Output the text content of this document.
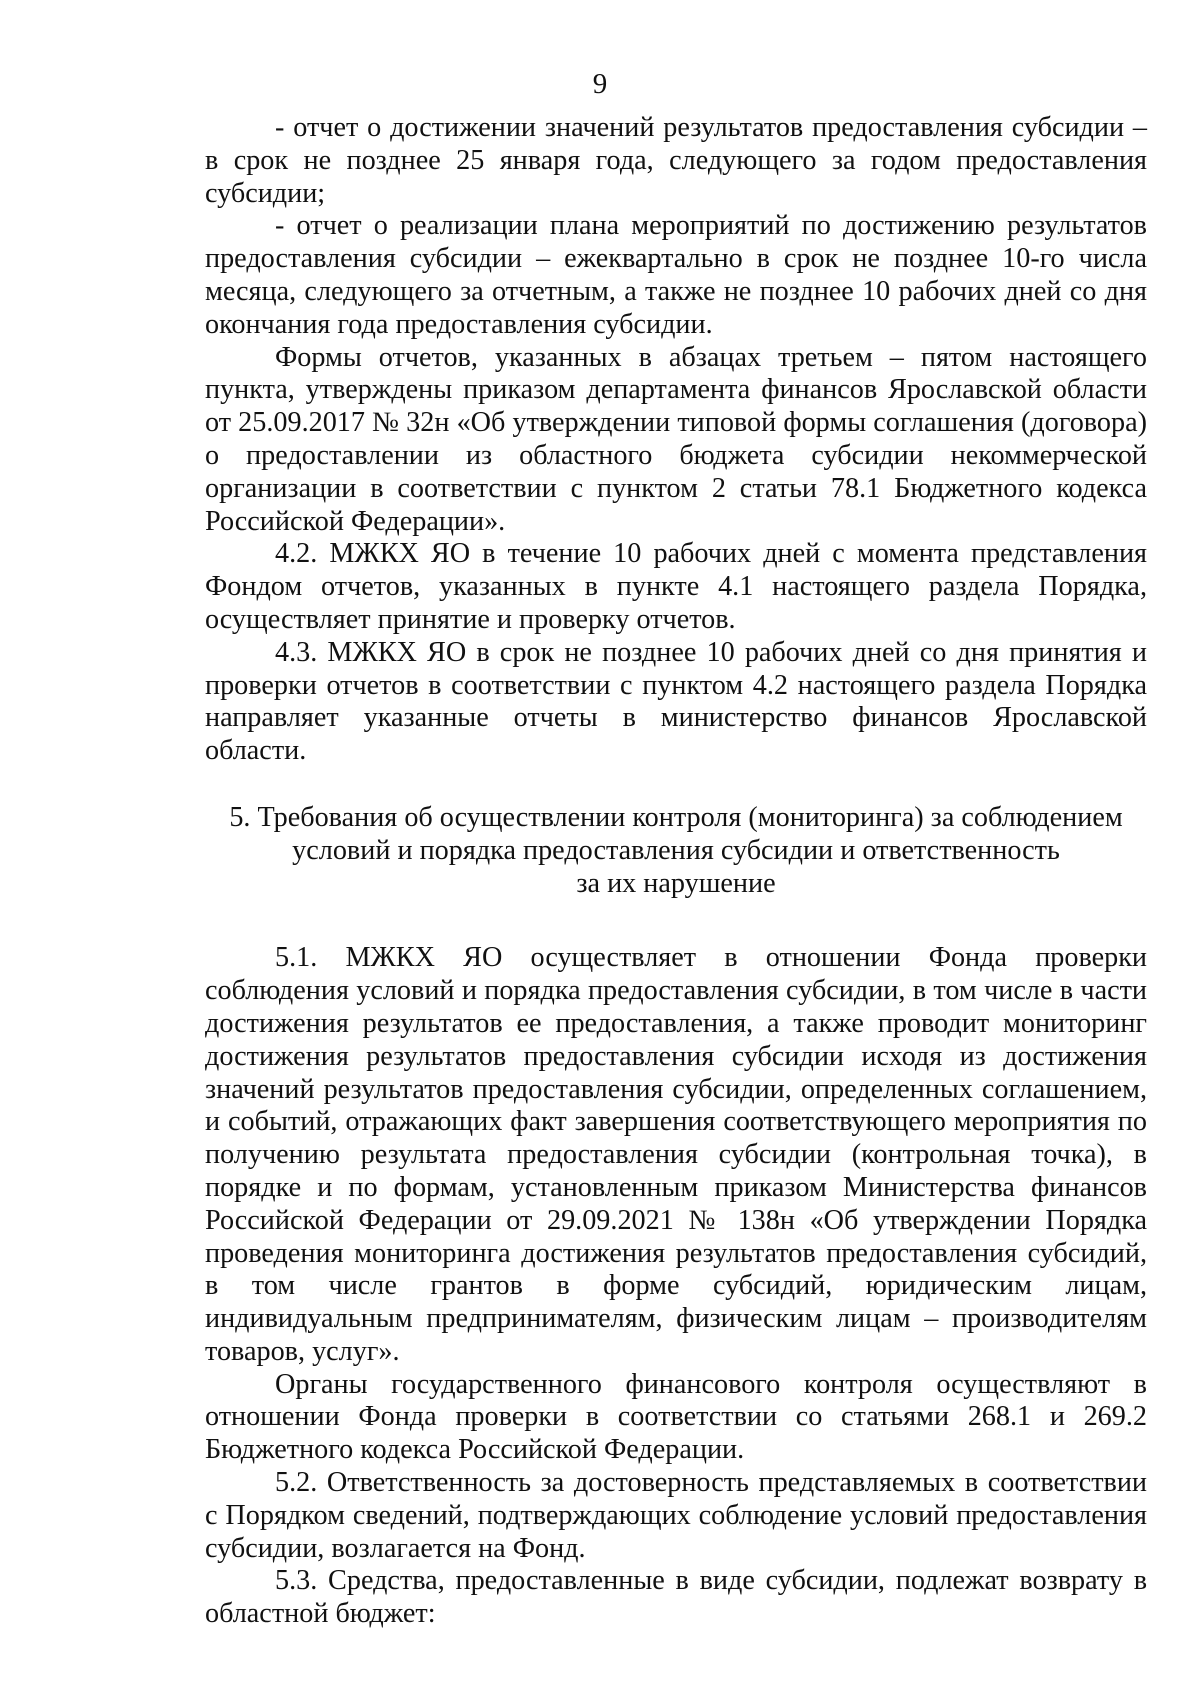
9

- отчет о достижении значений результатов предоставления субсидии – в срок не позднее 25 января года, следующего за годом предоставления субсидии;

- отчет о реализации плана мероприятий по достижению результатов предоставления субсидии – ежеквартально в срок не позднее 10-го числа месяца, следующего за отчетным, а также не позднее 10 рабочих дней со дня окончания года предоставления субсидии.

Формы отчетов, указанных в абзацах третьем – пятом настоящего пункта, утверждены приказом департамента финансов Ярославской области от 25.09.2017 № 32н «Об утверждении типовой формы соглашения (договора) о предоставлении из областного бюджета субсидии некоммерческой организации в соответствии с пунктом 2 статьи 78.1 Бюджетного кодекса Российской Федерации».

4.2. МЖКХ ЯО в течение 10 рабочих дней с момента представления Фондом отчетов, указанных в пункте 4.1 настоящего раздела Порядка, осуществляет принятие и проверку отчетов.

4.3. МЖКХ ЯО в срок не позднее 10 рабочих дней со дня принятия и проверки отчетов в соответствии с пунктом 4.2 настоящего раздела Порядка направляет указанные отчеты в министерство финансов Ярославской области.

5. Требования об осуществлении контроля (мониторинга) за соблюдением
условий и порядка предоставления субсидии и ответственность
за их нарушение

5.1. МЖКХ ЯО осуществляет в отношении Фонда проверки соблюдения условий и порядка предоставления субсидии, в том числе в части достижения результатов ее предоставления, а также проводит мониторинг достижения результатов предоставления субсидии исходя из достижения значений результатов предоставления субсидии, определенных соглашением, и событий, отражающих факт завершения соответствующего мероприятия по получению результата предоставления субсидии (контрольная точка), в порядке и по формам, установленным приказом Министерства финансов Российской Федерации от 29.09.2021 № 138н «Об утверждении Порядка проведения мониторинга достижения результатов предоставления субсидий, в том числе грантов в форме субсидий, юридическим лицам, индивидуальным предпринимателям, физическим лицам – производителям товаров, услуг».

Органы государственного финансового контроля осуществляют в отношении Фонда проверки в соответствии со статьями 268.1 и 269.2 Бюджетного кодекса Российской Федерации.

5.2. Ответственность за достоверность представляемых в соответствии с Порядком сведений, подтверждающих соблюдение условий предоставления субсидии, возлагается на Фонд.

5.3. Средства, предоставленные в виде субсидии, подлежат возврату в областной бюджет:
